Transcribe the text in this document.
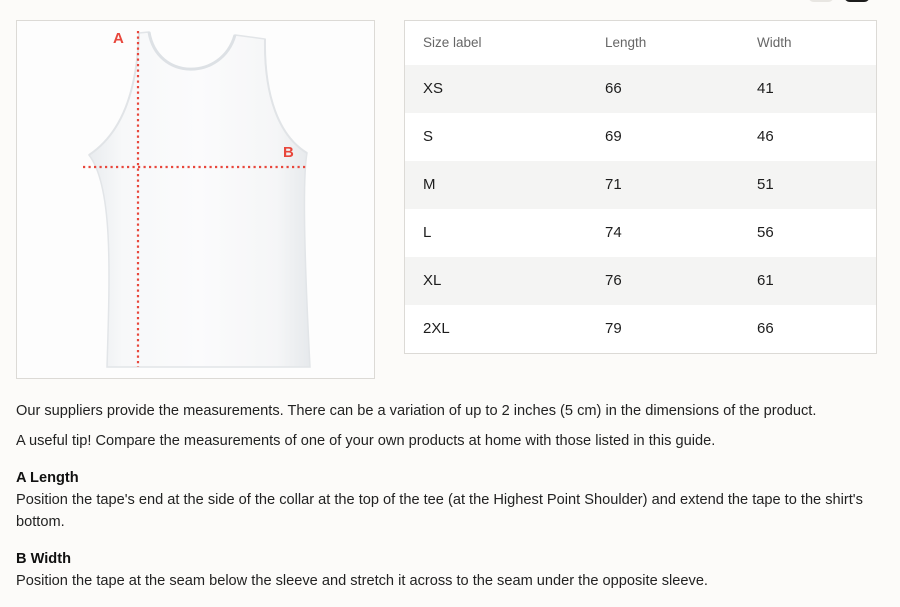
A
B
Size label	Length	Width
XS	66	41
S	69	46
M	71	51
L	74	56
XL	76	61
2XL	79	66

Our suppliers provide the measurements. There can be a variation of up to 2 inches (5 cm) in the dimensions of the product.

A useful tip! Compare the measurements of one of your own products at home with those listed in this guide.

A Length

Position the tape's end at the side of the collar at the top of the tee (at the Highest Point Shoulder) and extend the tape to the shirt's bottom.

B Width

Position the tape at the seam below the sleeve and stretch it across to the seam under the opposite sleeve.
